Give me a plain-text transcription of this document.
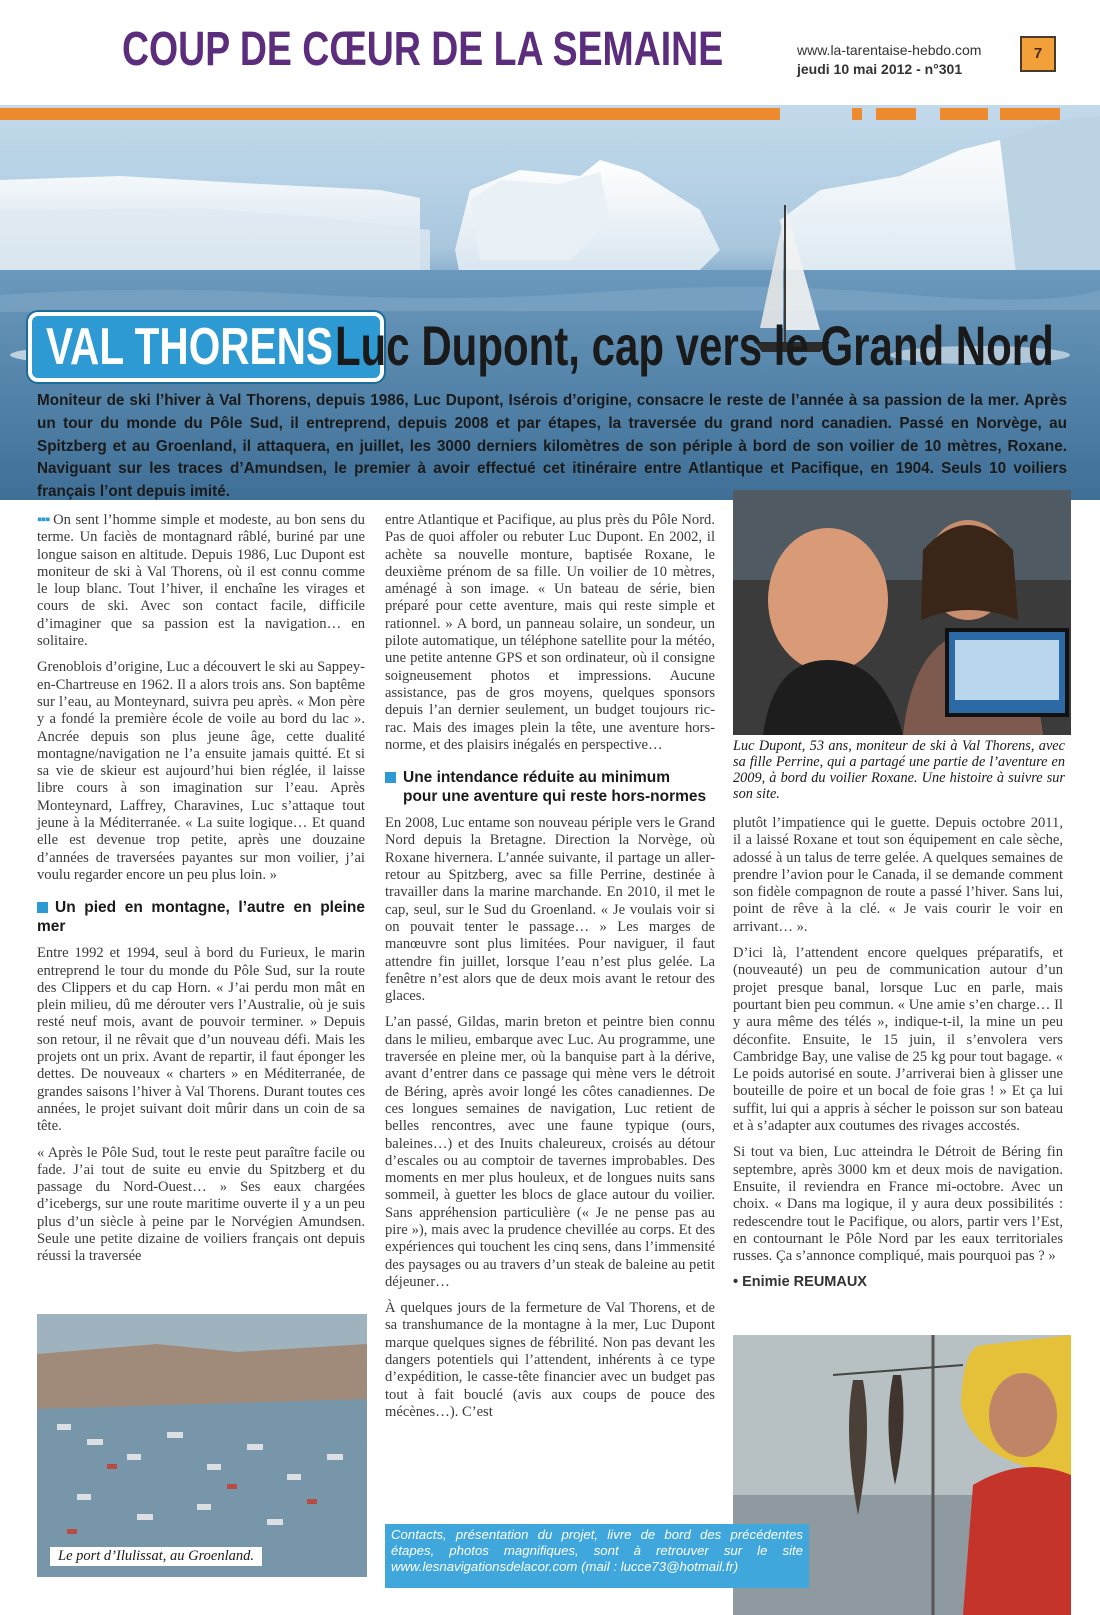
COUP DE CŒUR DE LA SEMAINE	www.la-tarentaise-hebdo.com
jeudi 10 mai 2012 - n°301
7
VAL THORENS Luc Dupont, cap vers le Grand Nord
Moniteur de ski l’hiver à Val Thorens, depuis 1986, Luc Dupont, Isérois d’origine, consacre le reste de l’année à sa passion de la mer. Après un tour du monde du Pôle Sud, il entreprend, depuis 2008 et par étapes, la traversée du grand nord canadien. Passé en Norvège, au Spitzberg et au Groenland, il attaquera, en juillet, les 3000 derniers kilomètres de son périple à bord de son voilier de 10 mètres, Roxane. Naviguant sur les traces d’Amundsen, le premier à avoir effectué cet itinéraire entre Atlantique et Pacifique, en 1904. Seuls 10 voiliers français l’ont depuis imité.

▪▪▪ On sent l’homme simple et modeste, au bon sens du terme. Un faciès de montagnard râblé, buriné par une longue saison en altitude. Depuis 1986, Luc Dupont est moniteur de ski à Val Thorens, où il est connu comme le loup blanc. Tout l’hiver, il enchaîne les virages et cours de ski. Avec son contact facile, difficile d’imaginer que sa passion est la navigation… en solitaire.

Grenoblois d’origine, Luc a découvert le ski au Sappey-en-Chartreuse en 1962. Il a alors trois ans. Son baptême sur l’eau, au Monteynard, suivra peu après. « Mon père y a fondé la première école de voile au bord du lac ». Ancrée depuis son plus jeune âge, cette dualité montagne/navigation ne l’a ensuite jamais quitté. Et si sa vie de skieur est aujourd’hui bien réglée, il laisse libre cours à son imagination sur l’eau. Après Monteynard, Laffrey, Charavines, Luc s’attaque tout jeune à la Méditerranée. « La suite logique… Et quand elle est devenue trop petite, après une douzaine d’années de traversées payantes sur mon voilier, j’ai voulu regarder encore un peu plus loin. »

Un pied en montagne, l’autre en pleine mer

Entre 1992 et 1994, seul à bord du Furieux, le marin entreprend le tour du monde du Pôle Sud, sur la route des Clippers et du cap Horn. « J’ai perdu mon mât en plein milieu, dû me dérouter vers l’Australie, où je suis resté neuf mois, avant de pouvoir terminer. » Depuis son retour, il ne rêvait que d’un nouveau défi. Mais les projets ont un prix. Avant de repartir, il faut éponger les dettes. De nouveaux « charters » en Méditerranée, de grandes saisons l’hiver à Val Thorens. Durant toutes ces années, le projet suivant doit mûrir dans un coin de sa tête.

« Après le Pôle Sud, tout le reste peut paraître facile ou fade. J’ai tout de suite eu envie du Spitzberg et du passage du Nord-Ouest… » Ses eaux chargées d’icebergs, sur une route maritime ouverte il y a un peu plus d’un siècle à peine par le Norvégien Amundsen. Seule une petite dizaine de voiliers français ont depuis réussi la traversée

entre Atlantique et Pacifique, au plus près du Pôle Nord. Pas de quoi affoler ou rebuter Luc Dupont. En 2002, il achète sa nouvelle monture, baptisée Roxane, le deuxième prénom de sa fille. Un voilier de 10 mètres, aménagé à son image. « Un bateau de série, bien préparé pour cette aventure, mais qui reste simple et rationnel. » A bord, un panneau solaire, un sondeur, un pilote automatique, un téléphone satellite pour la météo, une petite antenne GPS et son ordinateur, où il consigne soigneusement photos et impressions. Aucune assistance, pas de gros moyens, quelques sponsors depuis l’an dernier seulement, un budget toujours ric-rac. Mais des images plein la tête, une aventure hors-norme, et des plaisirs inégalés en perspective…

Une intendance réduite au minimum
pour une aventure qui reste hors-normes

En 2008, Luc entame son nouveau périple vers le Grand Nord depuis la Bretagne. Direction la Norvège, où Roxane hivernera. L’année suivante, il partage un aller-retour au Spitzberg, avec sa fille Perrine, destinée à travailler dans la marine marchande. En 2010, il met le cap, seul, sur le Sud du Groenland. « Je voulais voir si on pouvait tenter le passage… » Les marges de manœuvre sont plus limitées. Pour naviguer, il faut attendre fin juillet, lorsque l’eau n’est plus gelée. La fenêtre n’est alors que de deux mois avant le retour des glaces.

L’an passé, Gildas, marin breton et peintre bien connu dans le milieu, embarque avec Luc. Au programme, une traversée en pleine mer, où la banquise part à la dérive, avant d’entrer dans ce passage qui mène vers le détroit de Béring, après avoir longé les côtes canadiennes. De ces longues semaines de navigation, Luc retient de belles rencontres, avec une faune typique (ours, baleines…) et des Inuits chaleureux, croisés au détour d’escales ou au comptoir de tavernes improbables. Des moments en mer plus houleux, et de longues nuits sans sommeil, à guetter les blocs de glace autour du voilier. Sans appréhension particulière (« Je ne pense pas au pire »), mais avec la prudence chevillée au corps. Et des expériences qui touchent les cinq sens, dans l’immensité des paysages ou au travers d’un steak de baleine au petit déjeuner…

À quelques jours de la fermeture de Val Thorens, et de sa transhumance de la montagne à la mer, Luc Dupont marque quelques signes de fébrilité. Non pas devant les dangers potentiels qui l’attendent, inhérents à ce type d’expédition, le casse-tête financier avec un budget pas tout à fait bouclé (avis aux coups de pouce des mécènes…). C’est

Luc Dupont, 53 ans, moniteur de ski à Val Thorens, avec sa fille Perrine, qui a partagé une partie de l’aventure en 2009, à bord du voilier Roxane. Une histoire à suivre sur son site.

plutôt l’impatience qui le guette. Depuis octobre 2011, il a laissé Roxane et tout son équipement en cale sèche, adossé à un talus de terre gelée. A quelques semaines de prendre l’avion pour le Canada, il se demande comment son fidèle compagnon de route a passé l’hiver. Sans lui, point de rêve à la clé. « Je vais courir le voir en arrivant… ».

D’ici là, l’attendent encore quelques préparatifs, et (nouveauté) un peu de communication autour d’un projet presque banal, lorsque Luc en parle, mais pourtant bien peu commun. « Une amie s’en charge… Il y aura même des télés », indique-t-il, la mine un peu déconfite. Ensuite, le 15 juin, il s’envolera vers Cambridge Bay, une valise de 25 kg pour tout bagage. « Le poids autorisé en soute. J’arriverai bien à glisser une bouteille de poire et un bocal de foie gras ! » Et ça lui suffit, lui qui a appris à sécher le poisson sur son bateau et à s’adapter aux coutumes des rivages accostés.

Si tout va bien, Luc atteindra le Détroit de Béring fin septembre, après 3000 km et deux mois de navigation. Ensuite, il reviendra en France mi-octobre. Avec un choix. « Dans ma logique, il y aura deux possibilités : redescendre tout le Pacifique, ou alors, partir vers l’Est, en contournant le Pôle Nord par les eaux territoriales russes. Ça s’annonce compliqué, mais pourquoi pas ? »

• Enimie REUMAUX
Le port d’Ilulissat, au Groenland.
Contacts, présentation du projet, livre de bord des précédentes étapes, photos magnifiques, sont à retrouver sur le site www.lesnavigationsdelacor.com (mail : lucce73@hotmail.fr)
